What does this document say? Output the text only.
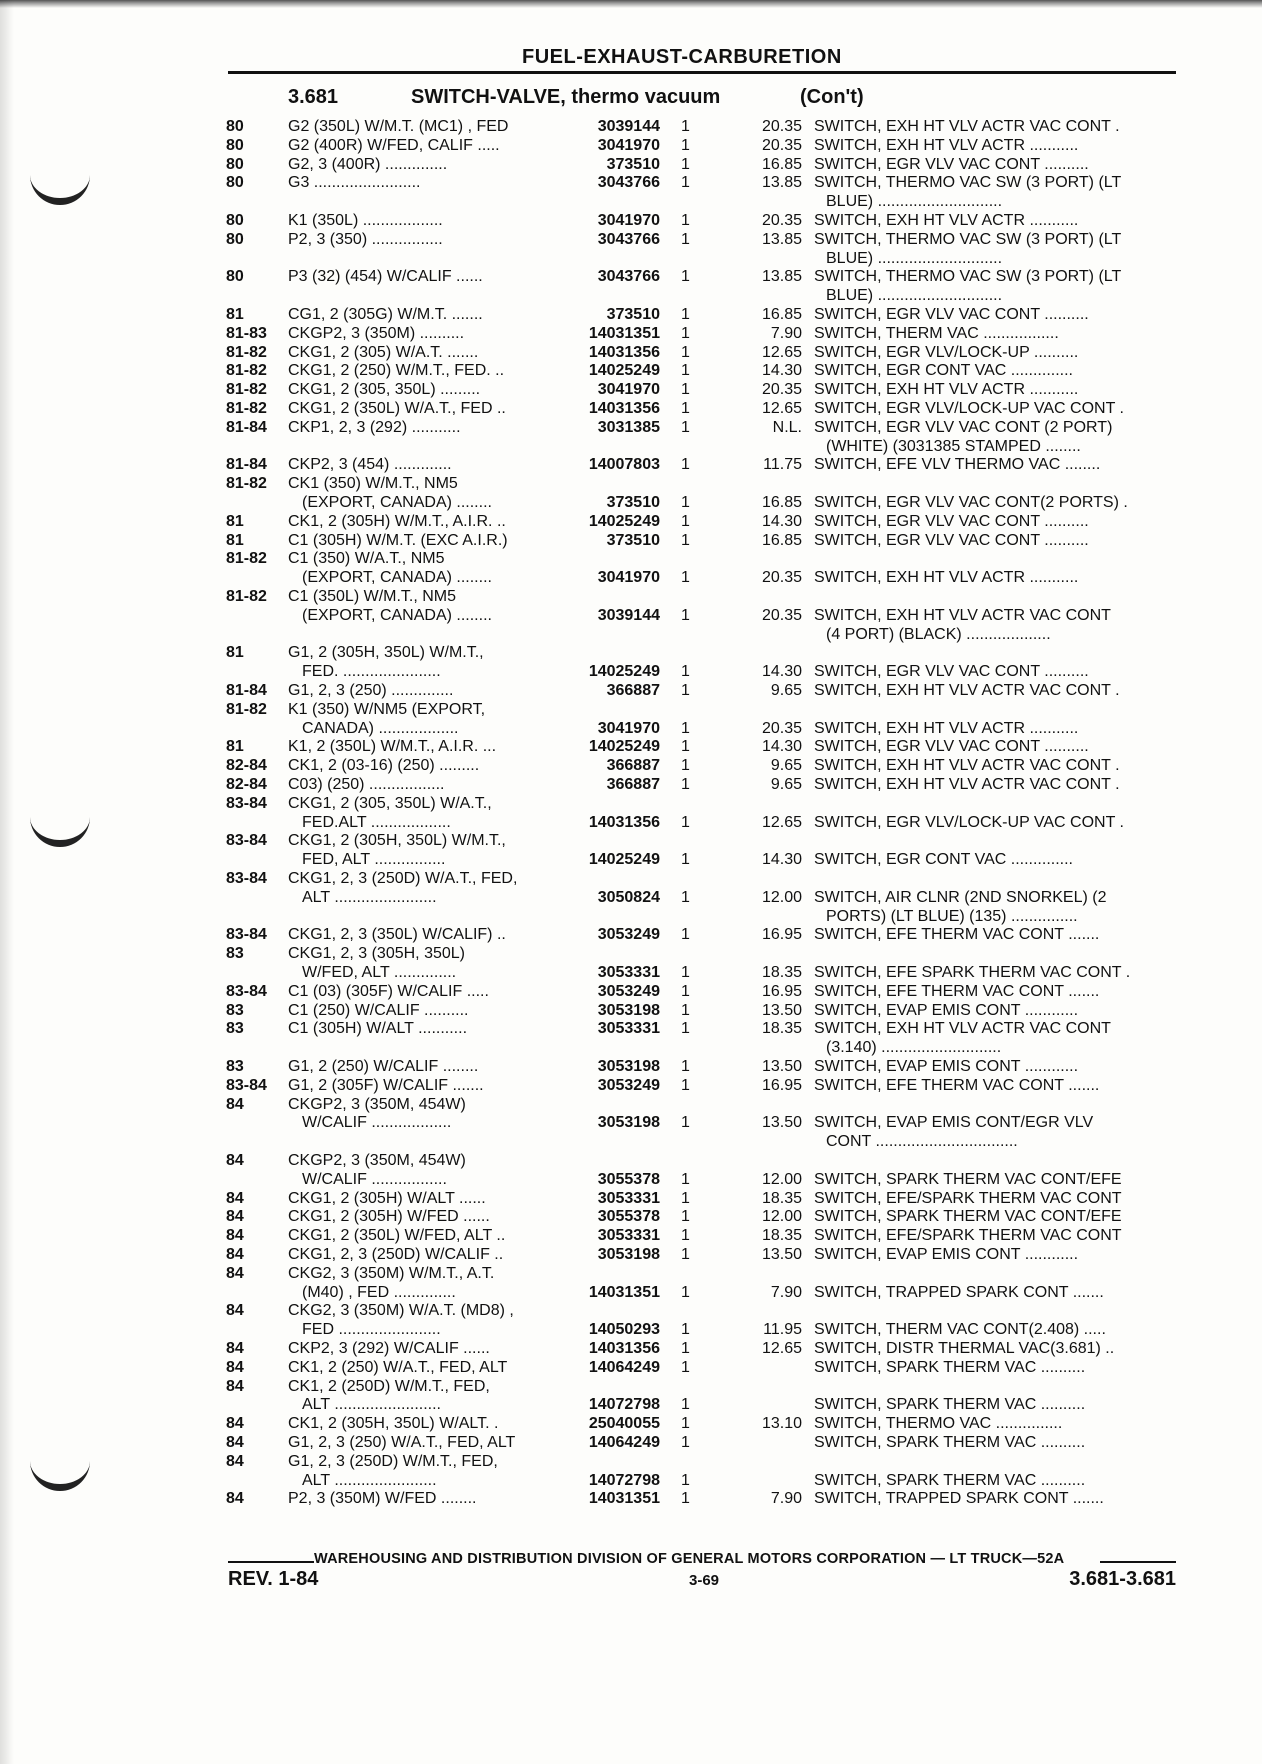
FUEL-EXHAUST-CARBURETION
3.681	SWITCH-VALVE, thermo vacuum	(Con't)
80	G2 (350L) W/M.T. (MC1) , FED	3039144 1	20.35 SWITCH, EXH HT VLV ACTR VAC CONT .
80	G2 (400R) W/FED, CALIF .....	3041970 1	20.35 SWITCH, EXH HT VLV ACTR ...........
80	G2, 3 (400R) ..............	373510 1	16.85 SWITCH, EGR VLV VAC CONT ..........
80	G3 ........................	3043766 1	13.85 SWITCH, THERMO VAC SW (3 PORT) (LT
BLUE) ............................
80	K1 (350L) ..................	3041970 1	20.35 SWITCH, EXH HT VLV ACTR ...........
80	P2, 3 (350) ................	3043766 1	13.85 SWITCH, THERMO VAC SW (3 PORT) (LT
BLUE) ............................
80	P3 (32) (454) W/CALIF ......	3043766 1	13.85 SWITCH, THERMO VAC SW (3 PORT) (LT
BLUE) ............................
81	CG1, 2 (305G) W/M.T. .......	373510 1	16.85 SWITCH, EGR VLV VAC CONT ..........
81-83 CKGP2, 3 (350M) ..........	14031351 1	7.90 SWITCH, THERM VAC .................
81-82 CKG1, 2 (305) W/A.T. .......	14031356 1	12.65 SWITCH, EGR VLV/LOCK-UP ..........
81-82 CKG1, 2 (250) W/M.T., FED. ..	14025249 1	14.30 SWITCH, EGR CONT VAC ..............
81-82 CKG1, 2 (305, 350L) .........	3041970 1	20.35 SWITCH, EXH HT VLV ACTR ...........
81-82 CKG1, 2 (350L) W/A.T., FED ..	14031356 1	12.65 SWITCH, EGR VLV/LOCK-UP VAC CONT .
81-84 CKP1, 2, 3 (292) ...........	3031385 1	N.L. SWITCH, EGR VLV VAC CONT (2 PORT)
(WHITE) (3031385 STAMPED ........
81-84 CKP2, 3 (454) .............	14007803 1	11.75 SWITCH, EFE VLV THERMO VAC ........
81-82 CK1 (350) W/M.T., NM5
(EXPORT, CANADA) ........	373510 1	16.85 SWITCH, EGR VLV VAC CONT(2 PORTS) .
81	CK1, 2 (305H) W/M.T., A.I.R. ..	14025249 1	14.30 SWITCH, EGR VLV VAC CONT ..........
81	C1 (305H) W/M.T. (EXC A.I.R.)	373510 1	16.85 SWITCH, EGR VLV VAC CONT ..........
81-82 C1 (350) W/A.T., NM5
(EXPORT, CANADA) ........	3041970 1	20.35 SWITCH, EXH HT VLV ACTR ...........
81-82 C1 (350L) W/M.T., NM5
(EXPORT, CANADA) ........	3039144 1	20.35 SWITCH, EXH HT VLV ACTR VAC CONT
(4 PORT) (BLACK) ...................
81	G1, 2 (305H, 350L) W/M.T.,
FED. ......................	14025249 1	14.30 SWITCH, EGR VLV VAC CONT ..........
81-84 G1, 2, 3 (250) ..............	366887 1	9.65 SWITCH, EXH HT VLV ACTR VAC CONT .
81-82 K1 (350) W/NM5 (EXPORT,
CANADA) ..................	3041970 1	20.35 SWITCH, EXH HT VLV ACTR ...........
81	K1, 2 (350L) W/M.T., A.I.R. ...	14025249 1	14.30 SWITCH, EGR VLV VAC CONT ..........
82-84 CK1, 2 (03-16) (250) .........	366887 1	9.65 SWITCH, EXH HT VLV ACTR VAC CONT .
82-84 C03) (250) .................	366887 1	9.65 SWITCH, EXH HT VLV ACTR VAC CONT .
83-84 CKG1, 2 (305, 350L) W/A.T.,
FED.ALT ..................	14031356 1	12.65 SWITCH, EGR VLV/LOCK-UP VAC CONT .
83-84 CKG1, 2 (305H, 350L) W/M.T.,
FED, ALT ................	14025249 1	14.30 SWITCH, EGR CONT VAC ..............
83-84 CKG1, 2, 3 (250D) W/A.T., FED,
ALT .......................	3050824 1	12.00 SWITCH, AIR CLNR (2ND SNORKEL) (2
PORTS) (LT BLUE) (135) ...............
83-84 CKG1, 2, 3 (350L) W/CALIF) ..	3053249 1	16.95 SWITCH, EFE THERM VAC CONT .......
83	CKG1, 2, 3 (305H, 350L)
W/FED, ALT ..............	3053331 1	18.35 SWITCH, EFE SPARK THERM VAC CONT .
83-84 C1 (03) (305F) W/CALIF .....	3053249 1	16.95 SWITCH, EFE THERM VAC CONT .......
83	C1 (250) W/CALIF ..........	3053198 1	13.50 SWITCH, EVAP EMIS CONT ............
83	C1 (305H) W/ALT ...........	3053331 1	18.35 SWITCH, EXH HT VLV ACTR VAC CONT
(3.140) ...........................
83	G1, 2 (250) W/CALIF ........	3053198 1	13.50 SWITCH, EVAP EMIS CONT ............
83-84 G1, 2 (305F) W/CALIF .......	3053249 1	16.95 SWITCH, EFE THERM VAC CONT .......
84	CKGP2, 3 (350M, 454W)
W/CALIF ..................	3053198 1	13.50 SWITCH, EVAP EMIS CONT/EGR VLV
CONT ................................
84	CKGP2, 3 (350M, 454W)
W/CALIF .................	3055378 1	12.00 SWITCH, SPARK THERM VAC CONT/EFE
84	CKG1, 2 (305H) W/ALT ......	3053331 1	18.35 SWITCH, EFE/SPARK THERM VAC CONT
84	CKG1, 2 (305H) W/FED ......	3055378 1	12.00 SWITCH, SPARK THERM VAC CONT/EFE
84	CKG1, 2 (350L) W/FED, ALT ..	3053331 1	18.35 SWITCH, EFE/SPARK THERM VAC CONT
84	CKG1, 2, 3 (250D) W/CALIF ..	3053198 1	13.50 SWITCH, EVAP EMIS CONT ............
84	CKG2, 3 (350M) W/M.T., A.T.
(M40) , FED ..............	14031351 1	7.90 SWITCH, TRAPPED SPARK CONT .......
84	CKG2, 3 (350M) W/A.T. (MD8) ,
FED .......................	14050293 1	11.95 SWITCH, THERM VAC CONT(2.408) .....
84	CKP2, 3 (292) W/CALIF ......	14031356 1	12.65 SWITCH, DISTR THERMAL VAC(3.681) ..
84	CK1, 2 (250) W/A.T., FED, ALT	14064249 1	SWITCH, SPARK THERM VAC ..........
84	CK1, 2 (250D) W/M.T., FED,
ALT ........................	14072798 1	SWITCH, SPARK THERM VAC ..........
84	CK1, 2 (305H, 350L) W/ALT. .	25040055 1	13.10 SWITCH, THERMO VAC ...............
84	G1, 2, 3 (250) W/A.T., FED, ALT	14064249 1	SWITCH, SPARK THERM VAC ..........
84	G1, 2, 3 (250D) W/M.T., FED,
ALT .......................	14072798 1	SWITCH, SPARK THERM VAC ..........
84	P2, 3 (350M) W/FED ........	14031351 1	7.90 SWITCH, TRAPPED SPARK CONT .......
WAREHOUSING AND DISTRIBUTION DIVISION OF GENERAL MOTORS CORPORATION — LT TRUCK—52A
REV. 1-84	3-69	3.681-3.681
